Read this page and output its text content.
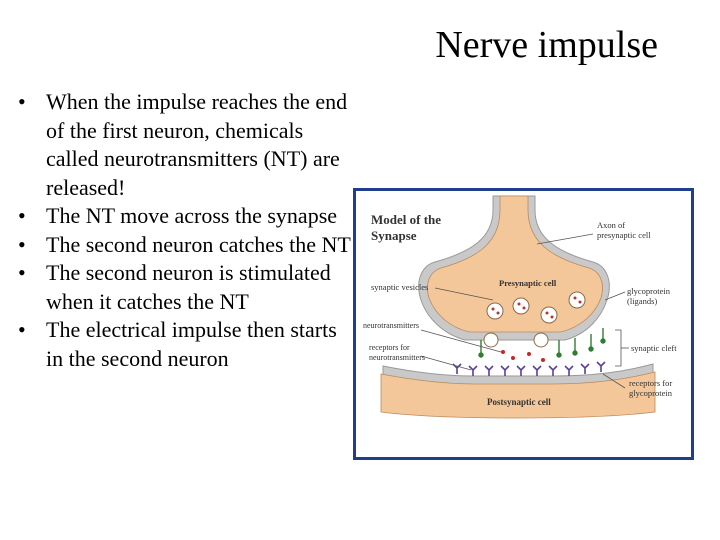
Nerve impulse
• When the impulse reaches the end of the first neuron, chemicals called neurotransmitters (NT) are released!
• The NT move across the synapse
• The second neuron catches the NT
• The second neuron is stimulated when it catches the NT
• The electrical impulse then starts in the second neuron
Model of the
Synapse
Axon of
presynaptic cell
synaptic vesicles	Presynaptic cell
glycoprotein
(ligands)
neurotransmitters
receptors for
neurotransmitters
synaptic cleft
receptors for
glycoprotein
Postsynaptic cell
